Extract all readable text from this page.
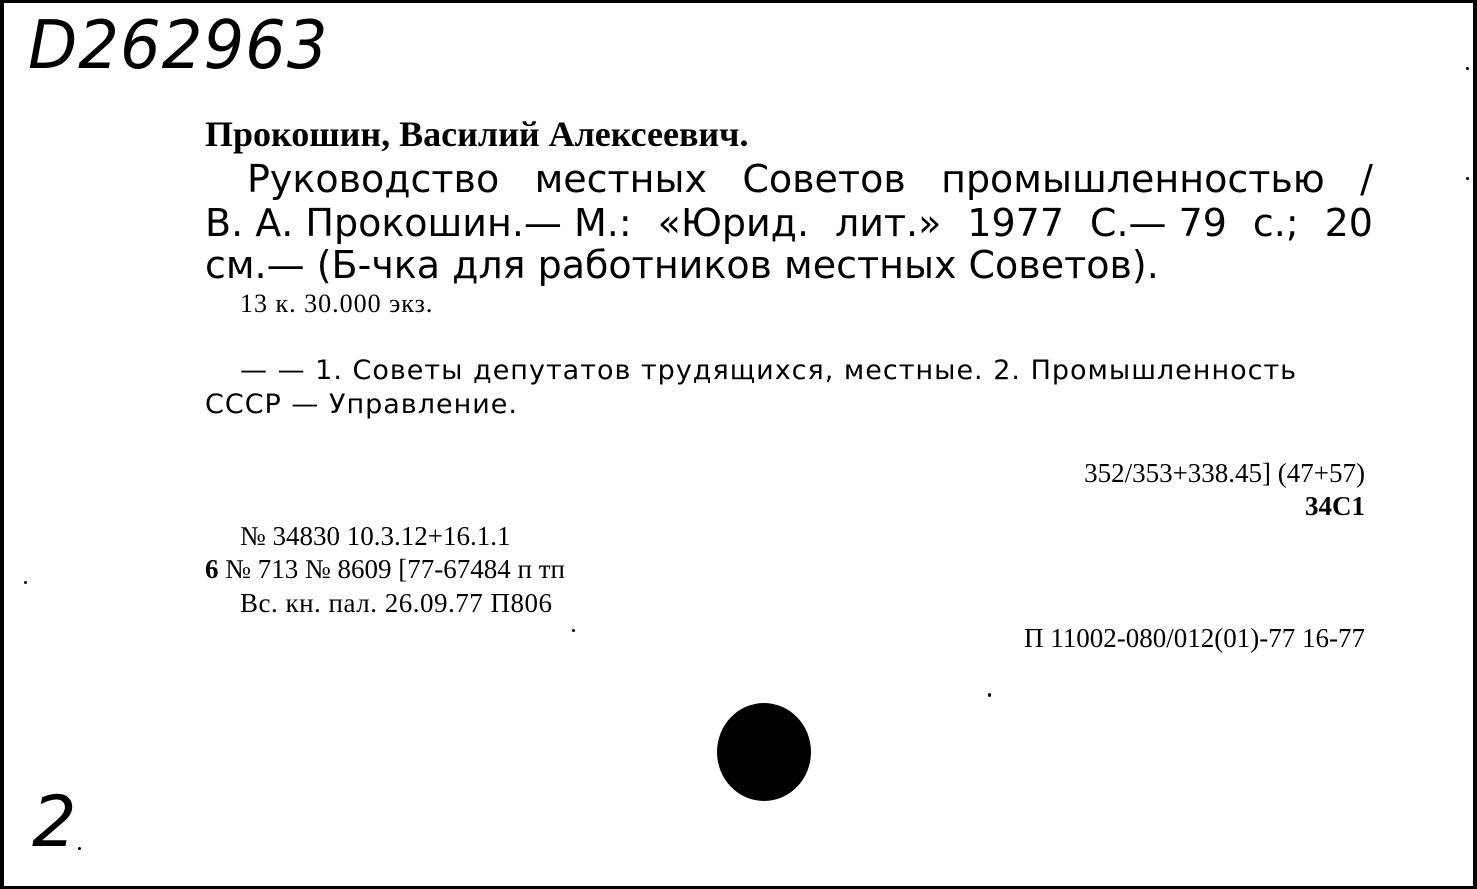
D262963
Прокошин, Василий Алексеевич.
Руководство местных Советов промышленностью /
В. А. Прокошин.— М.: «Юрид. лит.» 1977 С.— 79 с.; 20
см.— (Б-чка для работников местных Советов).
13 к. 30.000 экз.
— — 1. Советы депутатов трудящихся, местные. 2. Промышленность
СССР — Управление.
352/353+338.45] (47+57)
34С1
№ 34830 10.3.12+16.1.1
6 № 713 № 8609 [77-67484 п тп
Вс. кн. пал. 26.09.77 П806
П 11002-080/012(01)-77 16-77
2
